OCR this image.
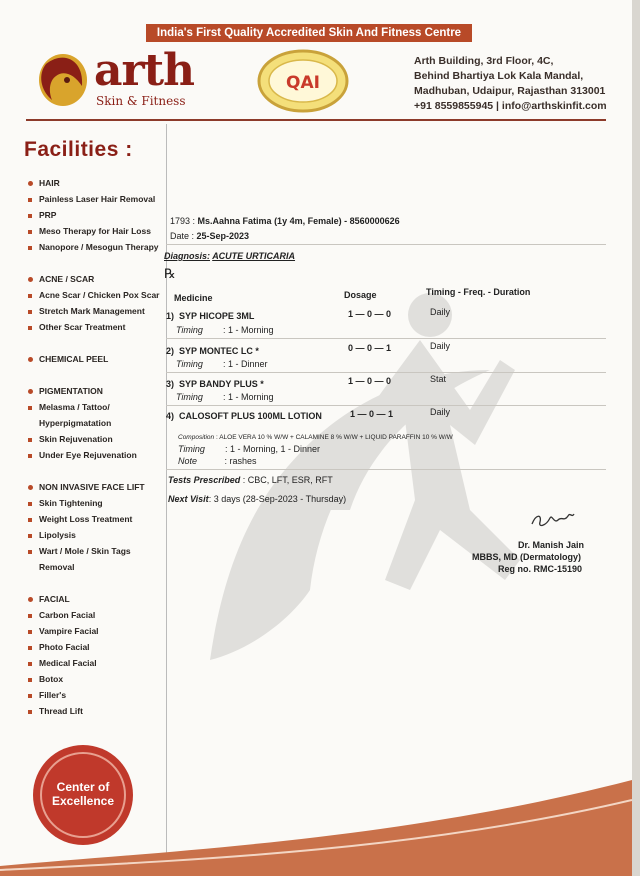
India's First Quality Accredited Skin And Fitness Centre
arth
Skin & Fitness
QAI
Arth Building, 3rd Floor, 4C,
Behind Bhartiya Lok Kala Mandal,
Madhuban, Udaipur, Rajasthan 313001
+91 8559855945 | info@arthskinfit.com
Facilities :
HAIR
Painless Laser Hair Removal
PRP
Meso Therapy for Hair Loss
Nanopore / Mesogun Therapy
ACNE / SCAR
Acne Scar / Chicken Pox Scar
Stretch Mark Management
Other Scar Treatment
CHEMICAL PEEL
PIGMENTATION
Melasma / Tattoo/
Hyperpigmatation
Skin Rejuvenation
Under Eye Rejuvenation
NON INVASIVE FACE LIFT
Skin Tightening
Weight Loss Treatment
Lipolysis
Wart / Mole / Skin Tags
Removal
FACIAL
Carbon Facial
Vampire Facial
Photo Facial
Medical Facial
Botox
Filler's
Thread Lift
Center of
Excellence
1793 : Ms.Aahna Fatima (1y 4m, Female) - 8560000626
Date : 25-Sep-2023
Diagnosis: ACUTE URTICARIA
℞
Medicine	Dosage	Timing - Freq. - Duration
1) SYP HICOPE 3ML	1 — 0 — 0	Daily
Timing : 1 - Morning
2) SYP MONTEC LC *	0 — 0 — 1	Daily
Timing : 1 - Dinner
3) SYP BANDY PLUS *	1 — 0 — 0	Stat
Timing : 1 - Morning
4) CALOSOFT PLUS 100ML LOTION	1 — 0 — 1	Daily
Composition : ALOE VERA 10 % W/W + CALAMINE 8 % W/W + LIQUID PARAFFIN 10 % W/W
Timing : 1 - Morning, 1 - Dinner
Note	: rashes
Tests Prescribed : CBC, LFT, ESR, RFT
Next Visit: 3 days (28-Sep-2023 - Thursday)
Dr. Manish Jain
MBBS, MD (Dermatology)
Reg no. RMC-15190
